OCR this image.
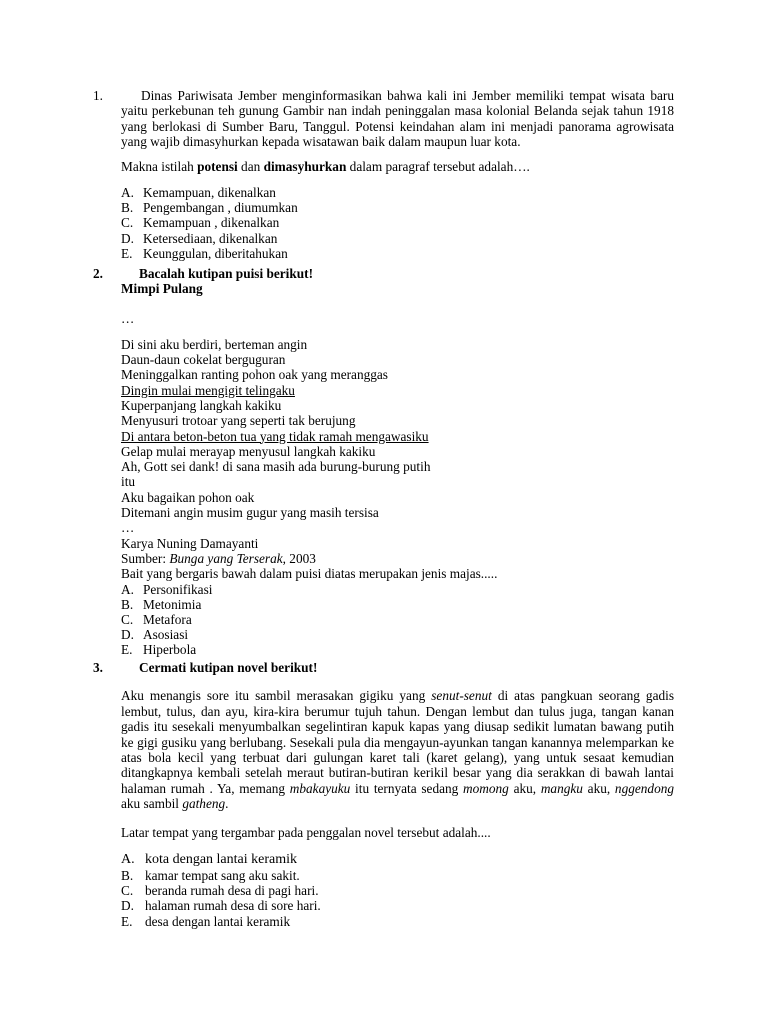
1.	Dinas Pariwisata Jember menginformasikan bahwa kali ini Jember memiliki tempat wisata baru yaitu perkebunan teh gunung Gambir nan indah peninggalan masa kolonial Belanda sejak tahun 1918 yang berlokasi di Sumber Baru, Tanggul. Potensi keindahan alam ini menjadi panorama agrowisata yang wajib dimasyhurkan kepada wisatawan baik dalam maupun luar kota.

Makna istilah potensi dan dimasyhurkan dalam paragraf tersebut adalah….

A. Kemampuan, dikenalkan
B. Pengembangan , diumumkan
C. Kemampuan , dikenalkan
D. Ketersediaan, dikenalkan
E. Keunggulan, diberitahukan
2.	Bacalah kutipan puisi berikut!

Mimpi Pulang

…

Di sini aku berdiri, berteman angin
Daun-daun cokelat berguguran
Meninggalkan ranting pohon oak yang meranggas
Dingin mulai mengigit telingaku
Kuperpanjang langkah kakiku
Menyusuri trotoar yang seperti tak berujung
Di antara beton-beton tua yang tidak ramah mengawasiku
Gelap mulai merayap menyusul langkah kakiku
Ah, Gott sei dank! di sana masih ada burung-burung putih
itu
Aku bagaikan pohon oak
Ditemani angin musim gugur yang masih tersisa
…
Karya Nuning Damayanti
Sumber: Bunga yang Terserak, 2003
Bait yang bergaris bawah dalam puisi diatas merupakan jenis majas.....
A. Personifikasi
B. Metonimia
C. Metafora
D. Asosiasi
E. Hiperbola
3.	Cermati kutipan novel berikut!

Aku menangis sore itu sambil merasakan gigiku yang senut-senut di atas pangkuan seorang gadis lembut, tulus, dan ayu, kira-kira berumur tujuh tahun. Dengan lembut dan tulus juga, tangan kanan gadis itu sesekali menyumbalkan segelintiran kapuk kapas yang diusap sedikit lumatan bawang putih ke gigi gusiku yang berlubang. Sesekali pula dia mengayun-ayunkan tangan kanannya melemparkan ke atas bola kecil yang terbuat dari gulungan karet tali (karet gelang), yang untuk sesaat kemudian ditangkapnya kembali setelah meraut butiran-butiran kerikil besar yang dia serakkan di bawah lantai halaman rumah . Ya, memang mbakayuku itu ternyata sedang momong aku, mangku aku, nggendong aku sambil gatheng.

Latar tempat yang tergambar pada penggalan novel tersebut adalah....

A. kota dengan lantai keramik
B. kamar tempat sang aku sakit.
C. beranda rumah desa di pagi hari.
D. halaman rumah desa di sore hari.
E. desa dengan lantai keramik
